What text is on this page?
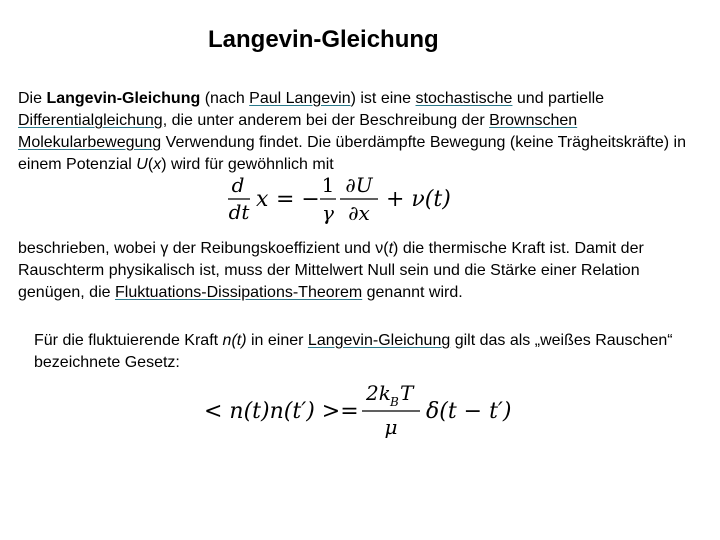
Langevin-Gleichung

Die Langevin-Gleichung (nach Paul Langevin) ist eine stochastische und partielle Differentialgleichung, die unter anderem bei der Beschreibung der Brownschen Molekularbewegung Verwendung findet. Die überdämpfte Bewegung (keine Trägheitskräfte) in einem Potenzial U(x) wird für gewöhnlich mit

d
dt x = −
1
γ
∂U
∂x
+ ν(t)

beschrieben, wobei γ der Reibungskoeffizient und ν(t) die thermische Kraft ist. Damit der Rauschterm physikalisch ist, muss der Mittelwert Null sein und die Stärke einer Relation genügen, die Fluktuations-Dissipations-Theorem genannt wird.

Für die fluktuierende Kraft n(t) in einer Langevin-Gleichung gilt das als „weißes Rauschen“ bezeichnete Gesetz:

< n(t)n(t′) >=
2k B T
μ
δ(t − t′)
